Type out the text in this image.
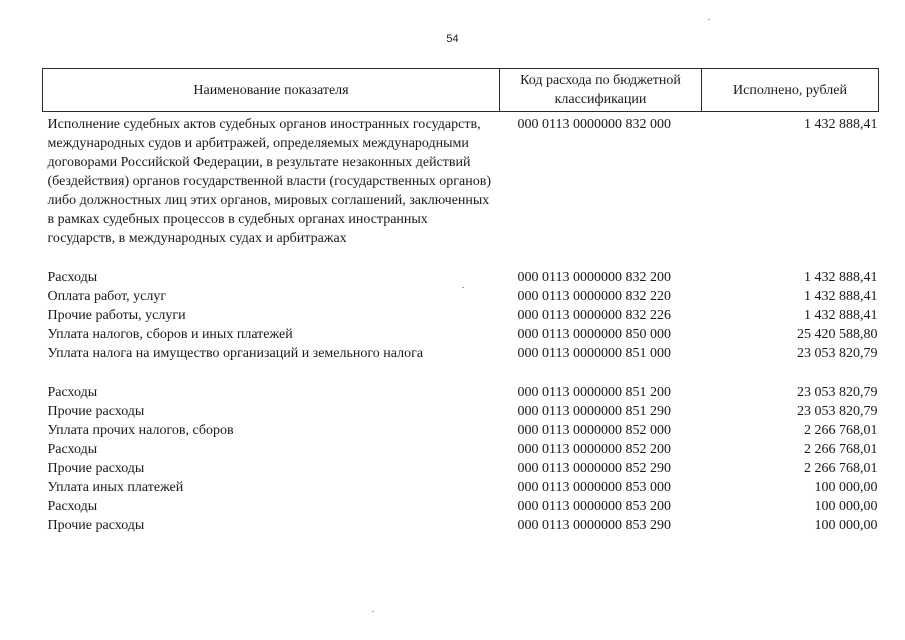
54
Наименование показателя	Код расхода по бюджетной классификации	Исполнено, рублей
Исполнение судебных актов судебных органов иностранных государств, международных судов и арбитражей, определяемых международными договорами Российской Федерации, в результате незаконных действий (бездействия) органов государственной власти (государственных органов) либо должностных лиц этих органов, мировых соглашений, заключенных в рамках судебных процессов в судебных органах иностранных государств, в международных судах и арбитражах	000 0113 0000000 832 000	1 432 888,41

Расходы	000 0113 0000000 832 200	1 432 888,41
Оплата работ, услуг	000 0113 0000000 832 220	1 432 888,41
Прочие работы, услуги	000 0113 0000000 832 226	1 432 888,41
Уплата налогов, сборов и иных платежей	000 0113 0000000 850 000	25 420 588,80
Уплата налога на имущество организаций и земельного налога	000 0113 0000000 851 000	23 053 820,79

Расходы	000 0113 0000000 851 200	23 053 820,79
Прочие расходы	000 0113 0000000 851 290	23 053 820,79
Уплата прочих налогов, сборов	000 0113 0000000 852 000	2 266 768,01
Расходы	000 0113 0000000 852 200	2 266 768,01
Прочие расходы	000 0113 0000000 852 290	2 266 768,01
Уплата иных платежей	000 0113 0000000 853 000	100 000,00
Расходы	000 0113 0000000 853 200	100 000,00
Прочие расходы	000 0113 0000000 853 290	100 000,00
